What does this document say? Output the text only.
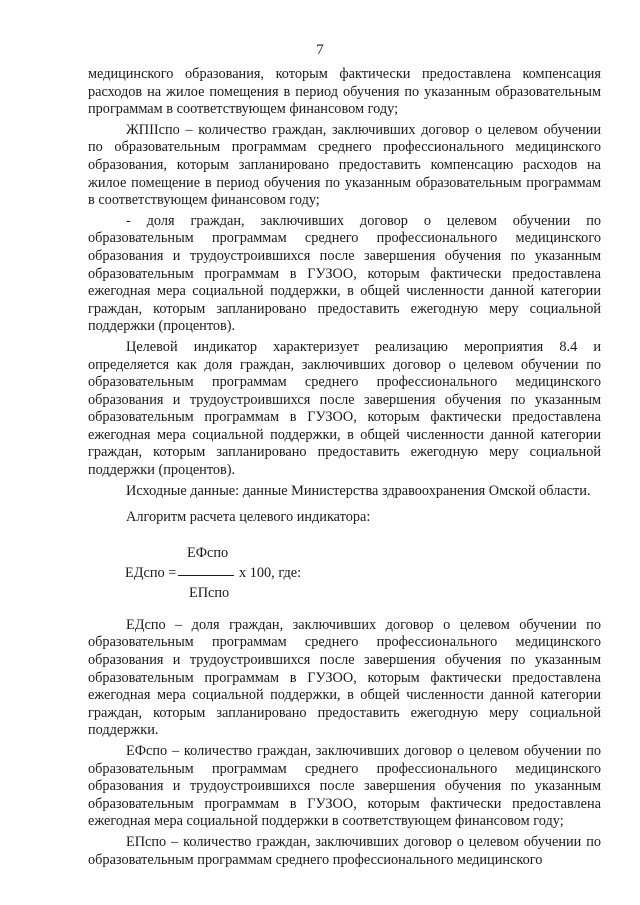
7

медицинского образования, которым фактически предоставлена компенсация расходов на жилое помещения в период обучения по указанным образовательным программам в соответствующем финансовом году;

ЖПIIспо – количество граждан, заключивших договор о целевом обучении по образовательным программам среднего профессионального медицинского образования, которым запланировано предоставить компенсацию расходов на жилое помещение в период обучения по указанным образовательным программам в соответствующем финансовом году;

- доля граждан, заключивших договор о целевом обучении по образовательным программам среднего профессионального медицинского образования и трудоустроившихся после завершения обучения по указанным образовательным программам в ГУЗОО, которым фактически предоставлена ежегодная мера социальной поддержки, в общей численности данной категории граждан, которым запланировано предоставить ежегодную меру социальной поддержки (процентов).

Целевой индикатор характеризует реализацию мероприятия 8.4 и определяется как доля граждан, заключивших договор о целевом обучении по образовательным программам среднего профессионального медицинского образования и трудоустроившихся после завершения обучения по указанным образовательным программам в ГУЗОО, которым фактически предоставлена ежегодная мера социальной поддержки, в общей численности данной категории граждан, которым запланировано предоставить ежегодную меру социальной поддержки (процентов).

Исходные данные: данные Министерства здравоохранения Омской области.

Алгоритм расчета целевого индикатора:

ЕФспо
ЕДспо =	х 100, где:
ЕПспо

ЕДспо – доля граждан, заключивших договор о целевом обучении по образовательным программам среднего профессионального медицинского образования и трудоустроившихся после завершения обучения по указанным образовательным программам в ГУЗОО, которым фактически предоставлена ежегодная мера социальной поддержки, в общей численности данной категории граждан, которым запланировано предоставить ежегодную меру социальной поддержки.

ЕФспо – количество граждан, заключивших договор о целевом обучении по образовательным программам среднего профессионального медицинского образования и трудоустроившихся после завершения обучения по указанным образовательным программам в ГУЗОО, которым фактически предоставлена ежегодная мера социальной поддержки в соответствующем финансовом году;

ЕПспо – количество граждан, заключивших договор о целевом обучении по образовательным программам среднего профессионального медицинского
